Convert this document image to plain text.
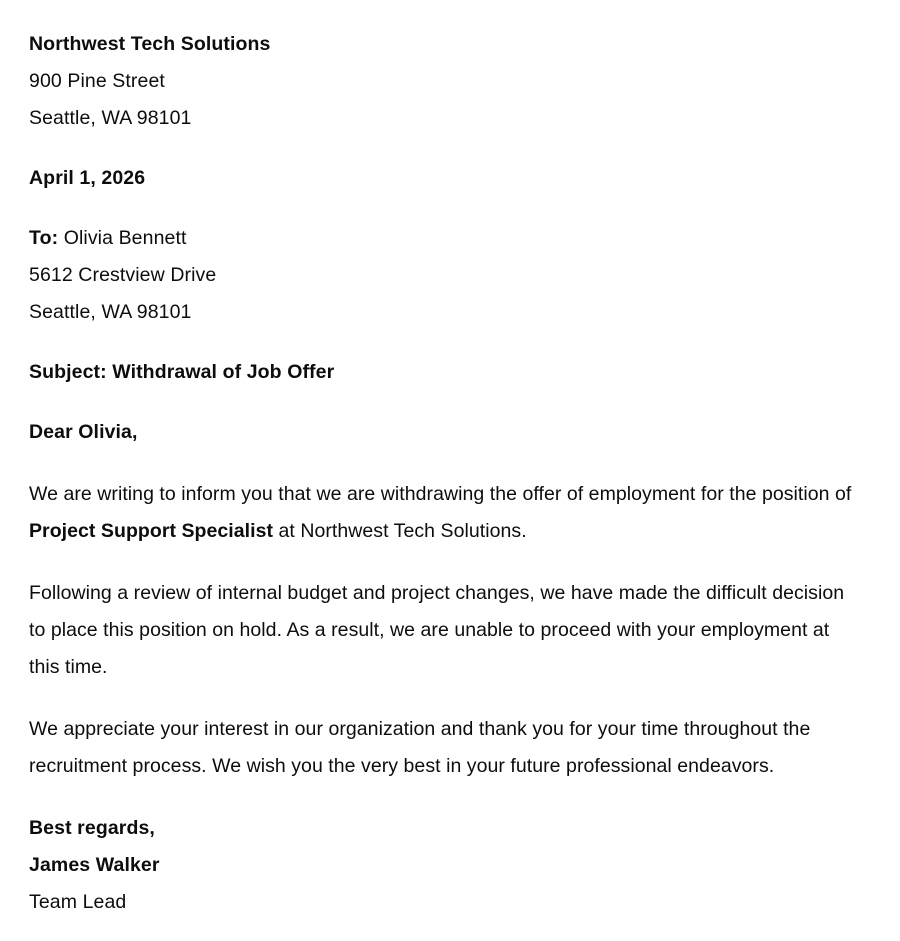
Northwest Tech Solutions
900 Pine Street
Seattle, WA 98101
April 1, 2026
To: Olivia Bennett
5612 Crestview Drive
Seattle, WA 98101
Subject: Withdrawal of Job Offer
Dear Olivia,

We are writing to inform you that we are withdrawing the offer of employment for the position of Project Support Specialist at Northwest Tech Solutions.

Following a review of internal budget and project changes, we have made the difficult decision to place this position on hold. As a result, we are unable to proceed with your employment at this time.

We appreciate your interest in our organization and thank you for your time throughout the recruitment process. We wish you the very best in your future professional endeavors.

Best regards,
James Walker
Team Lead
